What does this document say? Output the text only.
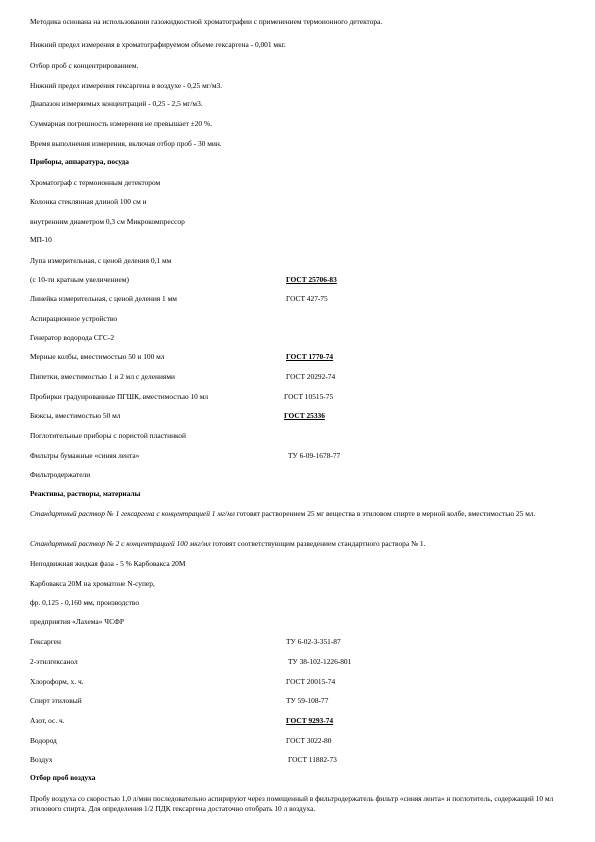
Методика основана на использовании газожидкостной хроматографии с применением термоионного детектора.

Нижний предел измерения в хроматографируемом объеме гексаргена - 0,001 мкг.

Отбор проб с концентрированием.

Нижний предел измерения гексаргена в воздухе - 0,25 мг/м3.

Диапазон измеряемых концентраций - 0,25 - 2,5 мг/м3.

Суммарная погрешность измерения не превышает ±20 %.

Время выполнения измерения, включая отбор проб - 30 мин.

Приборы, аппаратура, посуда

Хроматограф с термоионным детектором

Колонка стеклянная длиной 100 см и

внутренним диаметром 0,3 см Микрокомпрессор

МП-10

Лупа измерительная, с ценой деления 0,1 мм

(с 10-ти кратным увеличением)	ГОСТ 25706-83
Линейка измерительная, с ценой деления 1 мм	ГОСТ 427-75

Аспирационное устройство

Генератор водорода СГС-2

Мерные колбы, вместимостью 50 и 100 мл	ГОСТ 1770-74
Пипетки, вместимостью 1 и 2 мл с делениями	ГОСТ 20292-74
Пробирки градуированные ПГШК, вместимостью 10 мл	ГОСТ 10515-75
Бюксы, вместимостью 50 мл	ГОСТ 25336

Поглотительные приборы с пористой пластинкой

Фильтры бумажные «синяя лента»	ТУ 6-09-1678-77

Фильтродержатели

Реактивы, растворы, материалы

Стандартный раствор № 1 гексаргена с концентрацией 1 мг/мл готовят растворением 25 мг вещества в этиловом спирте в мерной колбе, вместимостью 25 мл.

Стандартный раствор № 2 с концентрацией 100 мкг/мл готовят соответствующим разведением стандартного раствора № 1.

Неподвижная жидкая фаза - 5 % Карбовакса 20М

Карбовакса 20М на хроматоне N-супер,

фр. 0,125 - 0,160 мм, производство

предприятия «Лахема» ЧСФР

Гексарген	ТУ 6-02-3-351-87
2-этилгексанол	ТУ 38-102-1226-801
Хлороформ, х. ч.	ГОСТ 20015-74
Спирт этиловый	ТУ 59-108-77
Азот, ос. ч.	ГОСТ 9293-74
Водород	ГОСТ 3022-80
Воздух	ГОСТ 11882-73

Отбор проб воздуха

Пробу воздуха со скоростью 1,0 л/мин последовательно аспирируют через помещенный в фильтродержатель фильтр «синяя лента» и поглотитель, содержащий 10 мл этилового спирта. Для определения 1/2 ПДК гексаргена достаточно отобрать 10 л воздуха.
